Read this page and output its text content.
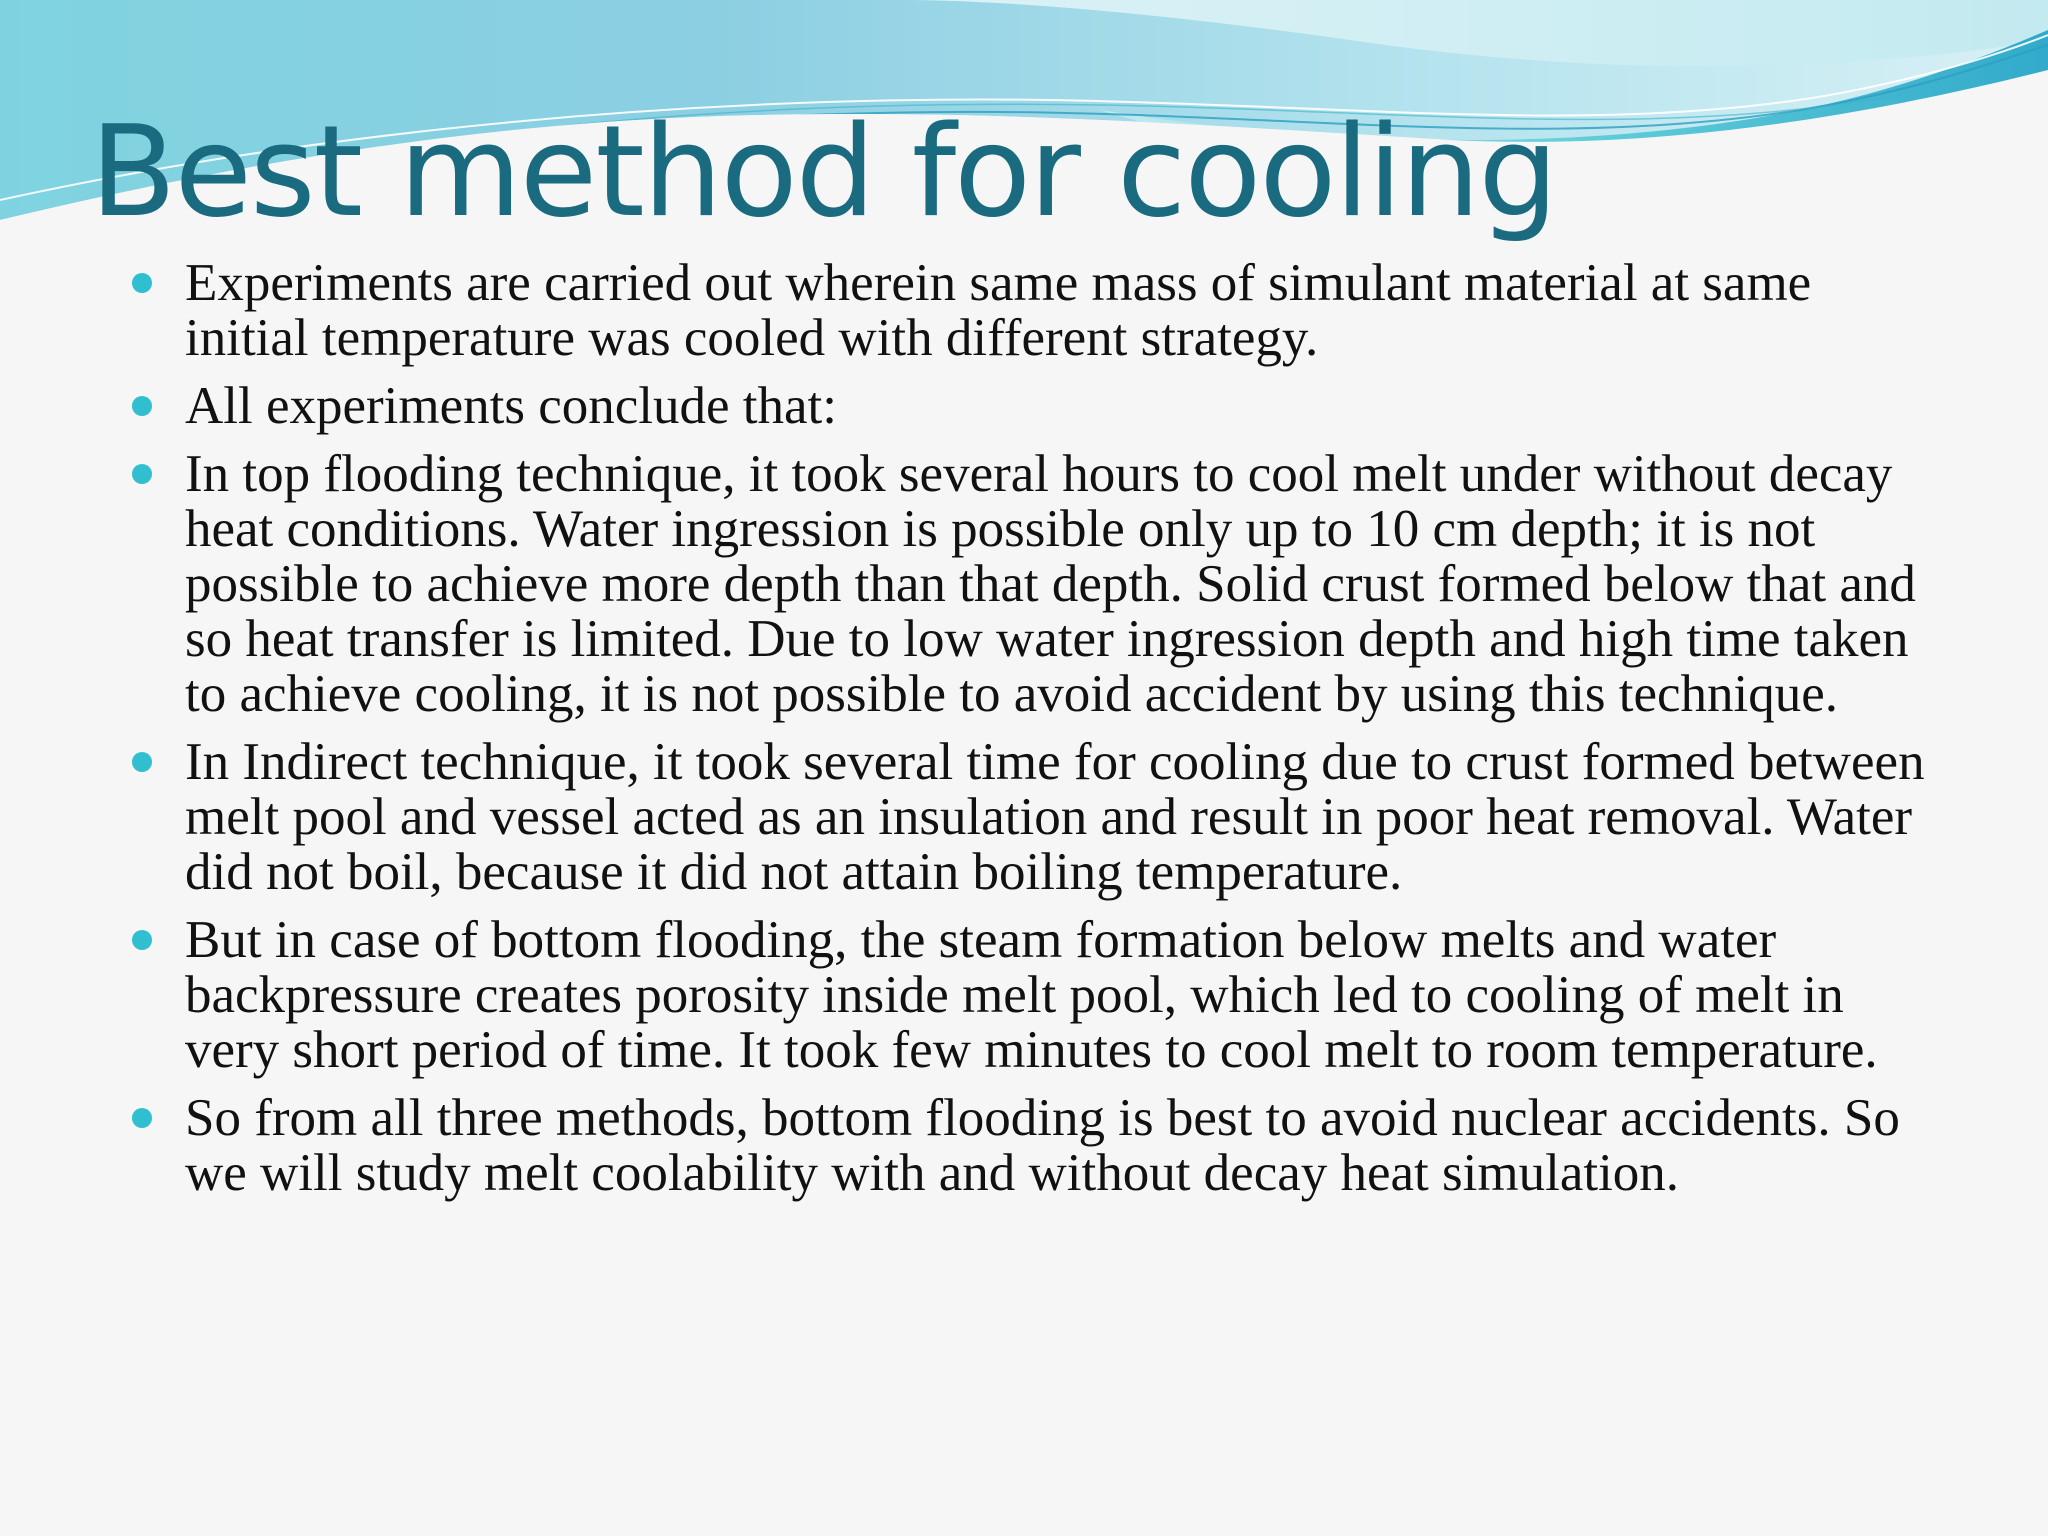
Best method for cooling
Experiments are carried out wherein same mass of simulant material at same initial temperature was cooled with different strategy.
All experiments conclude that:
In top flooding technique, it took several hours to cool melt under without decay heat conditions. Water ingression is possible only up to 10 cm depth; it is not possible to achieve more depth than that depth. Solid crust formed below that and so heat transfer is limited. Due to low water ingression depth and high time taken to achieve cooling, it is not possible to avoid accident by using this technique.
In Indirect technique, it took several time for cooling due to crust formed between melt pool and vessel acted as an insulation and result in poor heat removal. Water did not boil, because it did not attain boiling temperature.
But in case of bottom flooding, the steam formation below melts and water backpressure creates porosity inside melt pool, which led to cooling of melt in very short period of time. It took few minutes to cool melt to room temperature.
So from all three methods, bottom flooding is best to avoid nuclear accidents. So we will study melt coolability with and without decay heat simulation.
